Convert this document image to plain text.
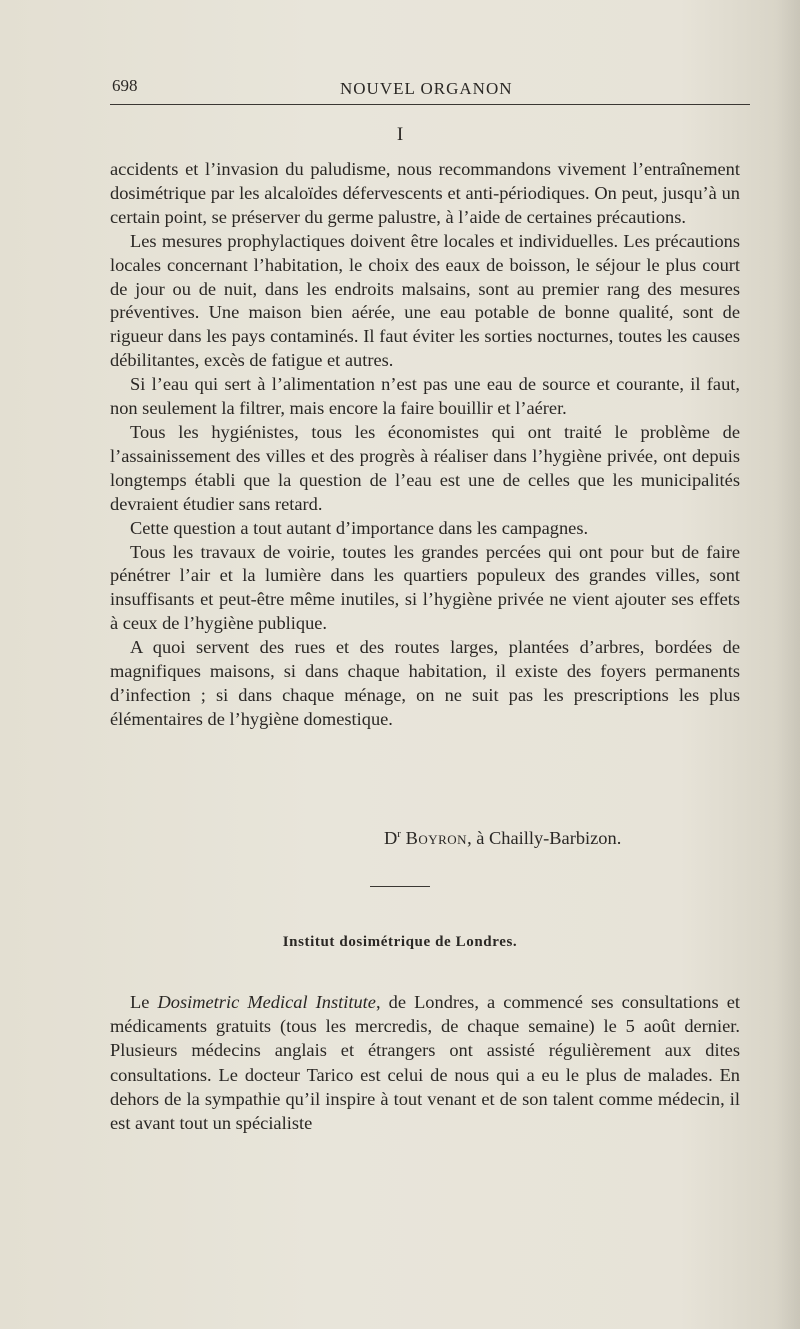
698	NOUVEL ORGANON
I

accidents et l’invasion du paludisme, nous recommandons vivement l’entraînement dosimétrique par les alcaloïdes défervescents et anti-périodiques. On peut, jusqu’à un certain point, se préserver du germe palustre, à l’aide de certaines précautions.

Les mesures prophylactiques doivent être locales et individuelles. Les précautions locales concernant l’habitation, le choix des eaux de boisson, le séjour le plus court de jour ou de nuit, dans les endroits malsains, sont au premier rang des mesures préventives. Une maison bien aérée, une eau potable de bonne qualité, sont de rigueur dans les pays contaminés. Il faut éviter les sorties nocturnes, toutes les causes débilitantes, excès de fatigue et autres.

Si l’eau qui sert à l’alimentation n’est pas une eau de source et courante, il faut, non seulement la filtrer, mais encore la faire bouillir et l’aérer.

Tous les hygiénistes, tous les économistes qui ont traité le problème de l’assainissement des villes et des progrès à réaliser dans l’hygiène privée, ont depuis longtemps établi que la question de l’eau est une de celles que les municipalités devraient étudier sans retard.

Cette question a tout autant d’importance dans les campagnes.

Tous les travaux de voirie, toutes les grandes percées qui ont pour but de faire pénétrer l’air et la lumière dans les quartiers populeux des grandes villes, sont insuffisants et peut-être même inutiles, si l’hygiène privée ne vient ajouter ses effets à ceux de l’hygiène publique.

A quoi servent des rues et des routes larges, plantées d’arbres, bordées de magnifiques maisons, si dans chaque habitation, il existe des foyers permanents d’infection ; si dans chaque ménage, on ne suit pas les prescriptions les plus élémentaires de l’hygiène domestique.

$D^r$ Boyron, à Chailly-Barbizon.
Institut dosimétrique de Londres.

Le Dosimetric Medical Institute, de Londres, a commencé ses consultations et médicaments gratuits (tous les mercredis, de chaque semaine) le 5 août dernier. Plusieurs médecins anglais et étrangers ont assisté régulièrement aux dites consultations. Le docteur Tarico est celui de nous qui a eu le plus de malades. En dehors de la sympathie qu’il inspire à tout venant et de son talent comme médecin, il est avant tout un spécialiste
